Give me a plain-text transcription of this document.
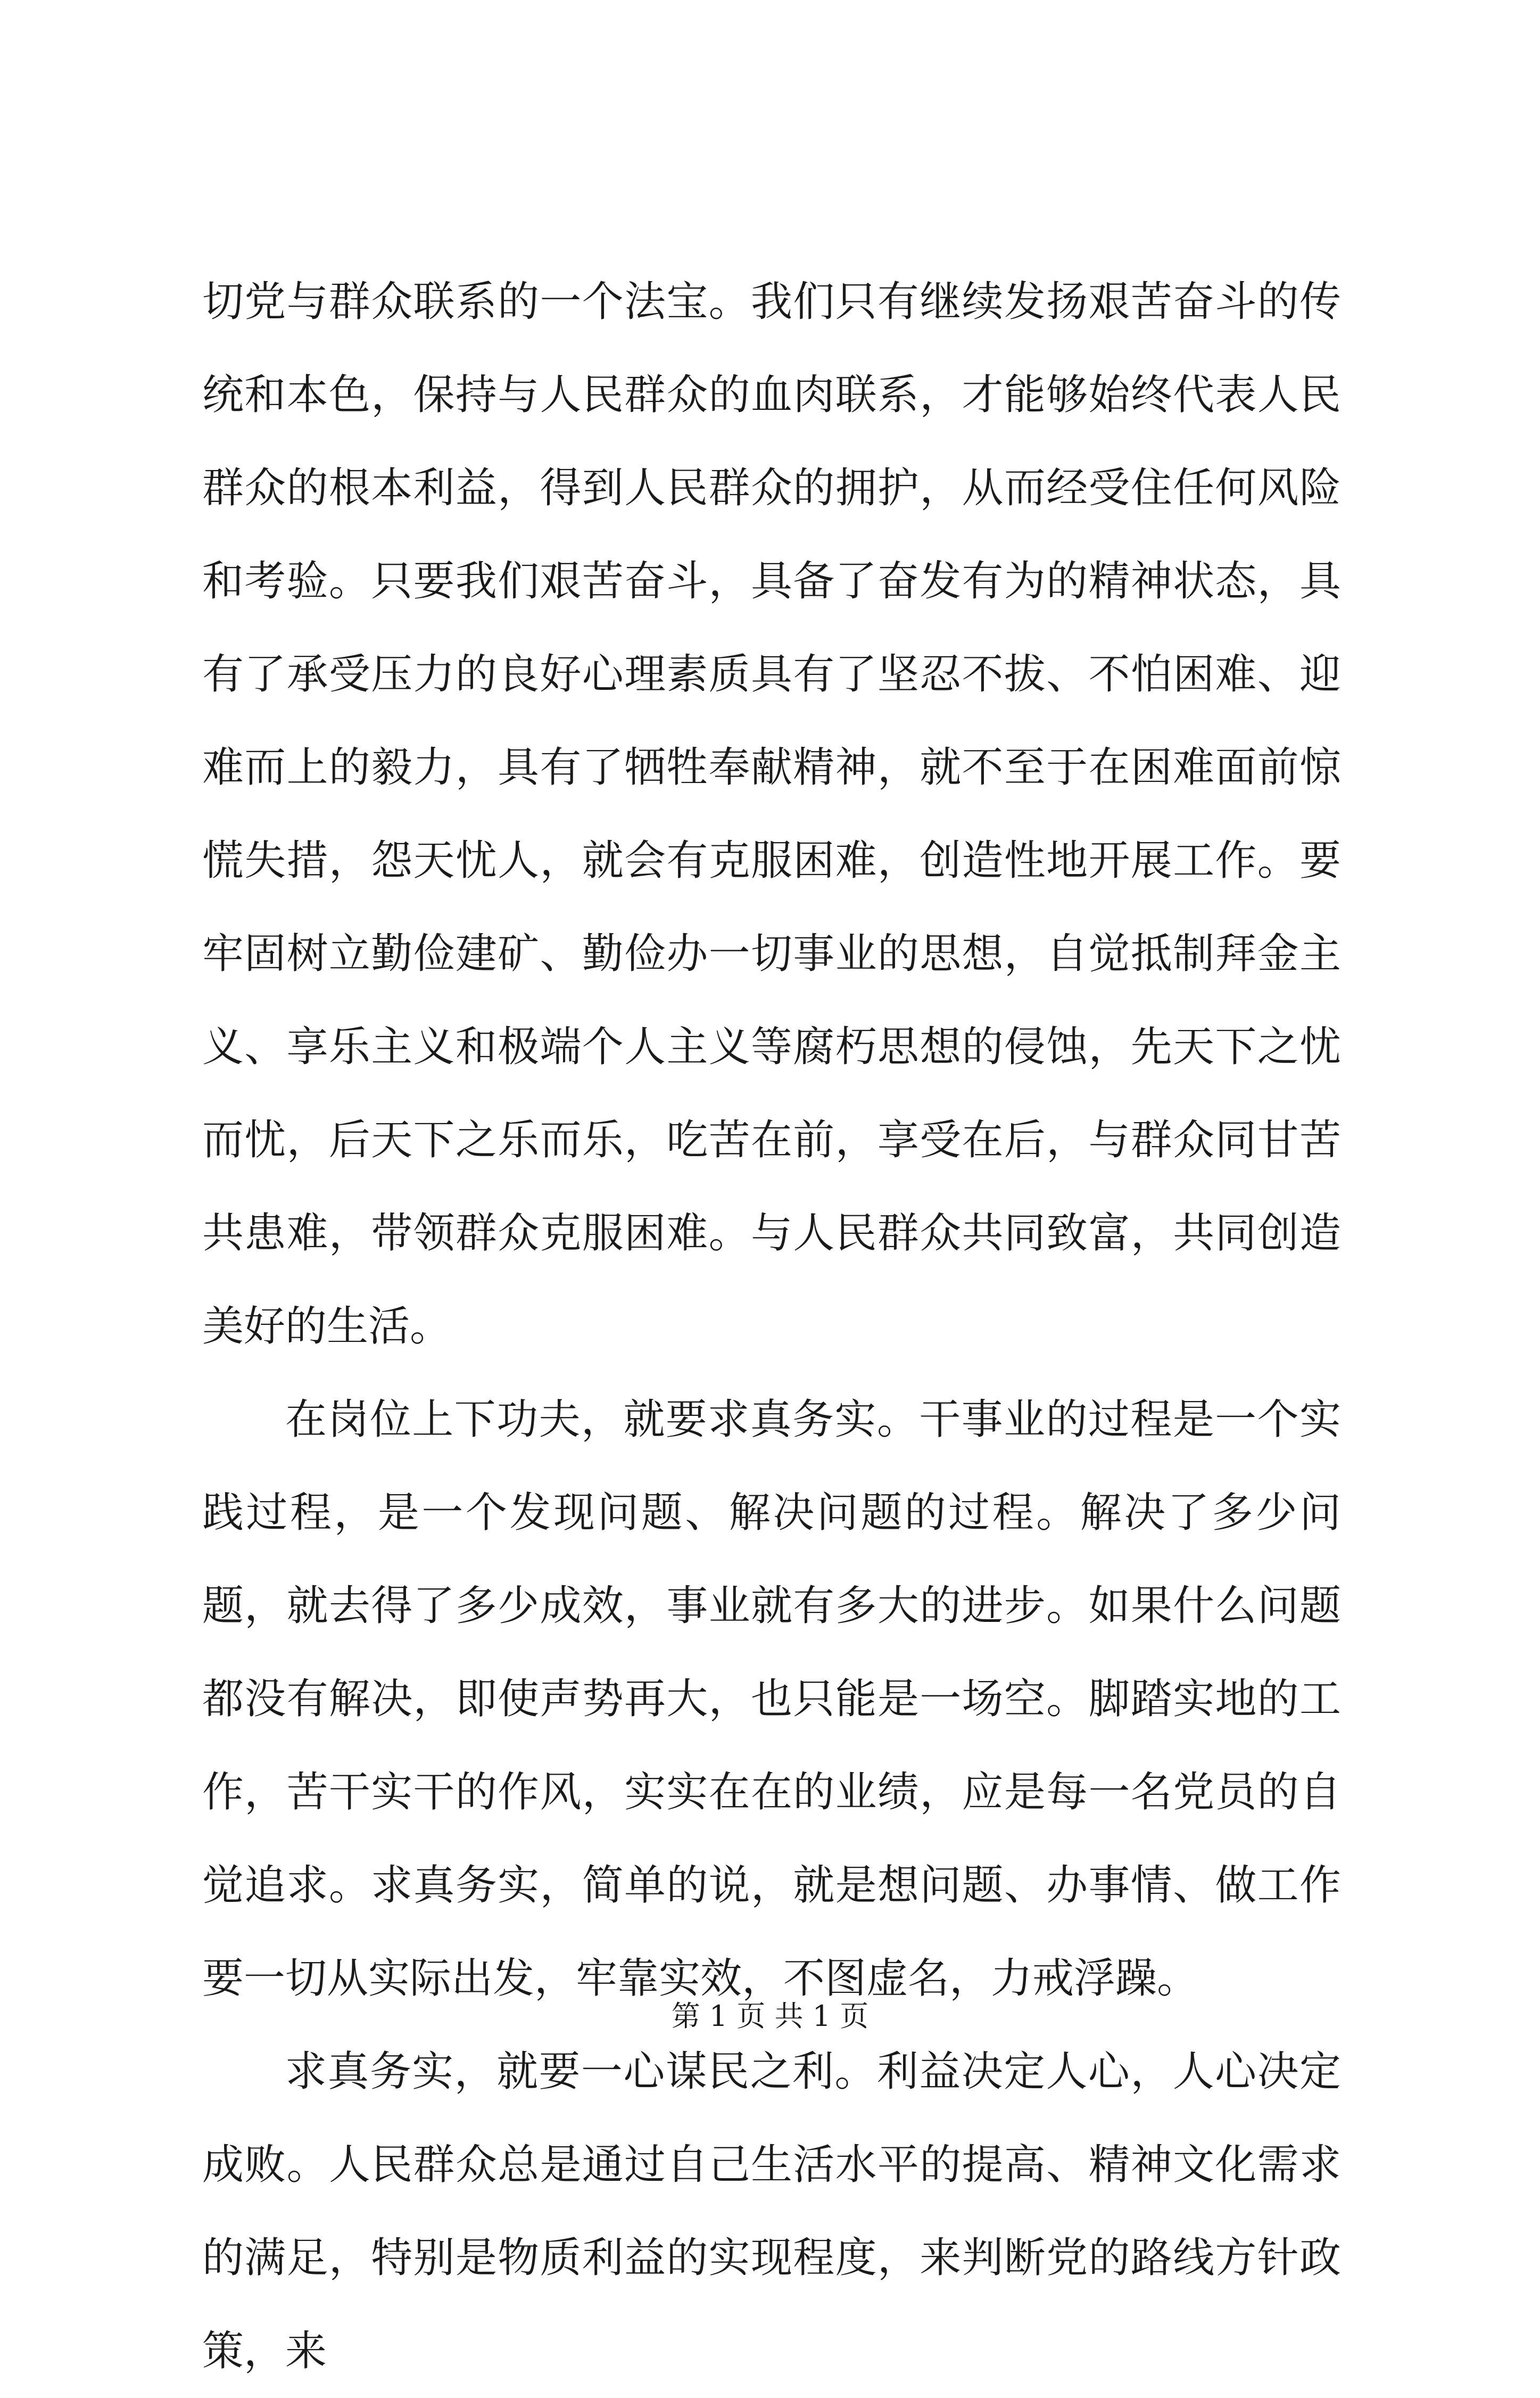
切党与群众联系的一个法宝。我们只有继续发扬艰苦奋斗的传统和本色，保持与人民群众的血肉联系，才能够始终代表人民群众的根本利益，得到人民群众的拥护，从而经受住任何风险和考验。只要我们艰苦奋斗，具备了奋发有为的精神状态，具有了承受压力的良好心理素质具有了坚忍不拔、不怕困难、迎难而上的毅力，具有了牺牲奉献精神，就不至于在困难面前惊慌失措，怨天忧人，就会有克服困难，创造性地开展工作。要牢固树立勤俭建矿、勤俭办一切事业的思想，自觉抵制拜金主义、享乐主义和极端个人主义等腐朽思想的侵蚀，先天下之忧而忧，后天下之乐而乐，吃苦在前，享受在后，与群众同甘苦共患难，带领群众克服困难。与人民群众共同致富，共同创造美好的生活。

在岗位上下功夫，就要求真务实。干事业的过程是一个实践过程，是一个发现问题、解决问题的过程。解决了多少问题，就去得了多少成效，事业就有多大的进步。如果什么问题都没有解决，即使声势再大，也只能是一场空。脚踏实地的工作，苦干实干的作风，实实在在的业绩，应是每一名党员的自觉追求。求真务实，简单的说，就是想问题、办事情、做工作要一切从实际出发，牢靠实效，不图虚名，力戒浮躁。

求真务实，就要一心谋民之利。利益决定人心，人心决定成败。人民群众总是通过自己生活水平的提高、精神文化需求的满足，特别是物质利益的实现程度，来判断党的路线方针政策，来

第 1 页 共 1 页
